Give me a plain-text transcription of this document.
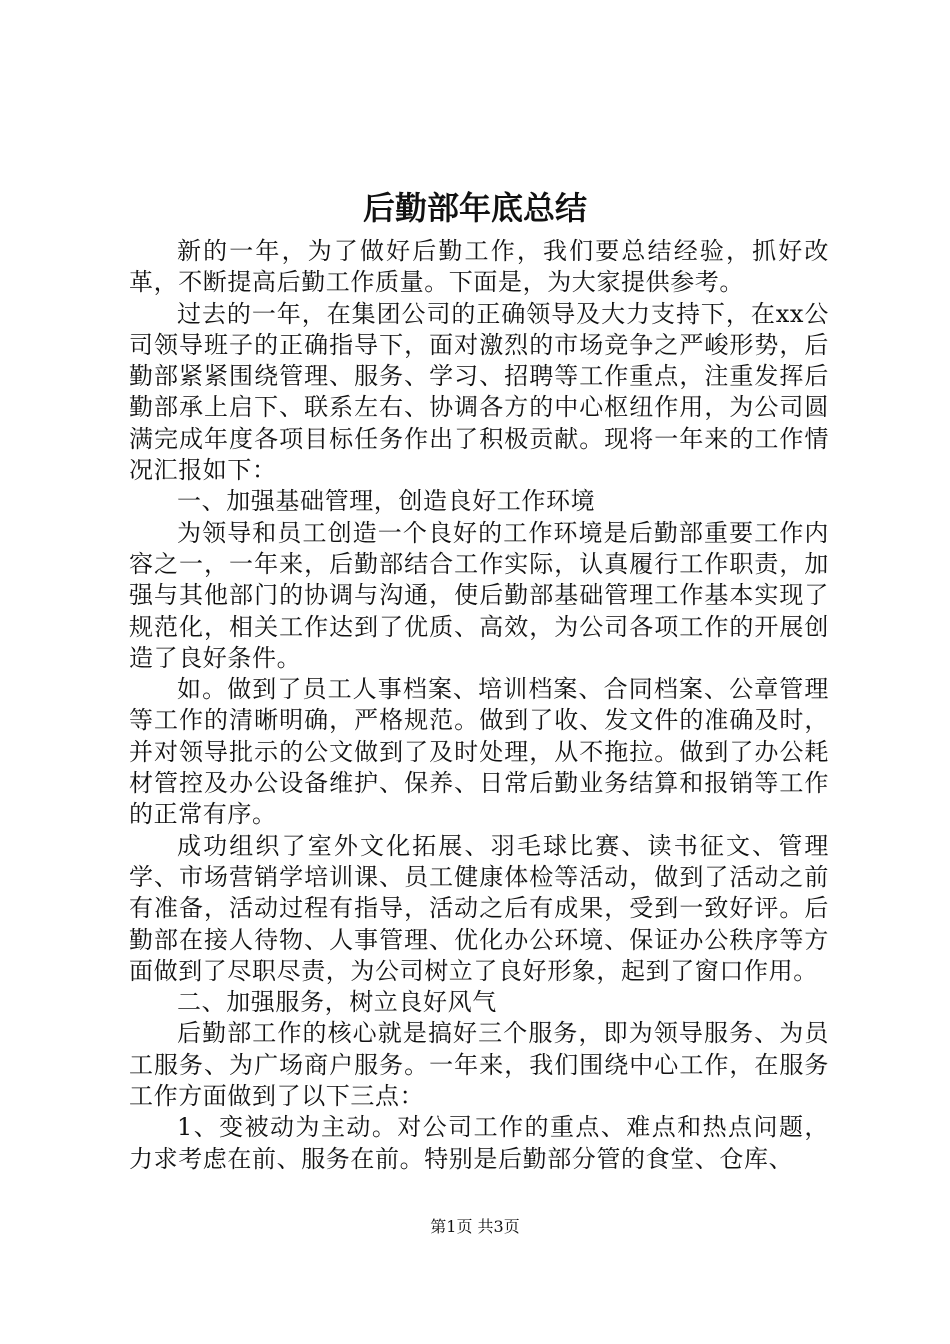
后勤部年底总结

新的一年，为了做好后勤工作，我们要总结经验，抓好改革，不断提高后勤工作质量。下面是，为大家提供参考。

过去的一年，在集团公司的正确领导及大力支持下，在xx公司领导班子的正确指导下，面对激烈的市场竞争之严峻形势，后勤部紧紧围绕管理、服务、学习、招聘等工作重点，注重发挥后勤部承上启下、联系左右、协调各方的中心枢纽作用，为公司圆满完成年度各项目标任务作出了积极贡献。现将一年来的工作情况汇报如下：

一、加强基础管理，创造良好工作环境

为领导和员工创造一个良好的工作环境是后勤部重要工作内容之一，一年来，后勤部结合工作实际，认真履行工作职责，加强与其他部门的协调与沟通，使后勤部基础管理工作基本实现了规范化，相关工作达到了优质、高效，为公司各项工作的开展创造了良好条件。

如。做到了员工人事档案、培训档案、合同档案、公章管理等工作的清晰明确，严格规范。做到了收、发文件的准确及时，并对领导批示的公文做到了及时处理，从不拖拉。做到了办公耗材管控及办公设备维护、保养、日常后勤业务结算和报销等工作的正常有序。

成功组织了室外文化拓展、羽毛球比赛、读书征文、管理学、市场营销学培训课、员工健康体检等活动，做到了活动之前有准备，活动过程有指导，活动之后有成果，受到一致好评。后勤部在接人待物、人事管理、优化办公环境、保证办公秩序等方面做到了尽职尽责，为公司树立了良好形象，起到了窗口作用。

二、加强服务，树立良好风气

后勤部工作的核心就是搞好三个服务，即为领导服务、为员工服务、为广场商户服务。一年来，我们围绕中心工作，在服务工作方面做到了以下三点：

1、变被动为主动。对公司工作的重点、难点和热点问题，力求考虑在前、服务在前。特别是后勤部分管的食堂、仓库、

第1页 共3页
